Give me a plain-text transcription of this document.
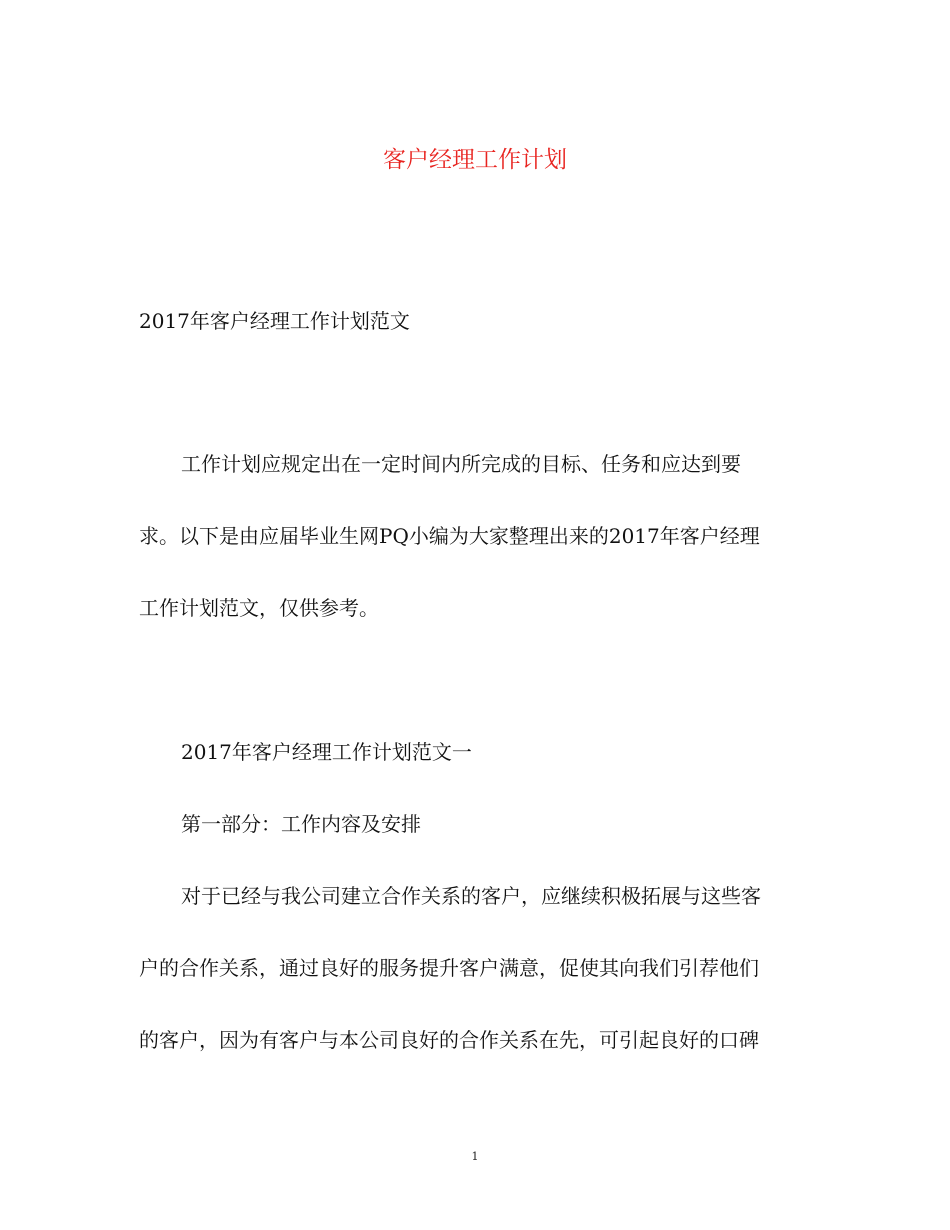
客户经理工作计划
2017年客户经理工作计划范文
工作计划应规定出在一定时间内所完成的目标、任务和应达到要
求。以下是由应届毕业生网PQ小编为大家整理出来的2017年客户经理
工作计划范文，仅供参考。
2017年客户经理工作计划范文一
第一部分：工作内容及安排
对于已经与我公司建立合作关系的客户，应继续积极拓展与这些客
户的合作关系，通过良好的服务提升客户满意，促使其向我们引荐他们
的客户，因为有客户与本公司良好的合作关系在先，可引起良好的口碑
1
